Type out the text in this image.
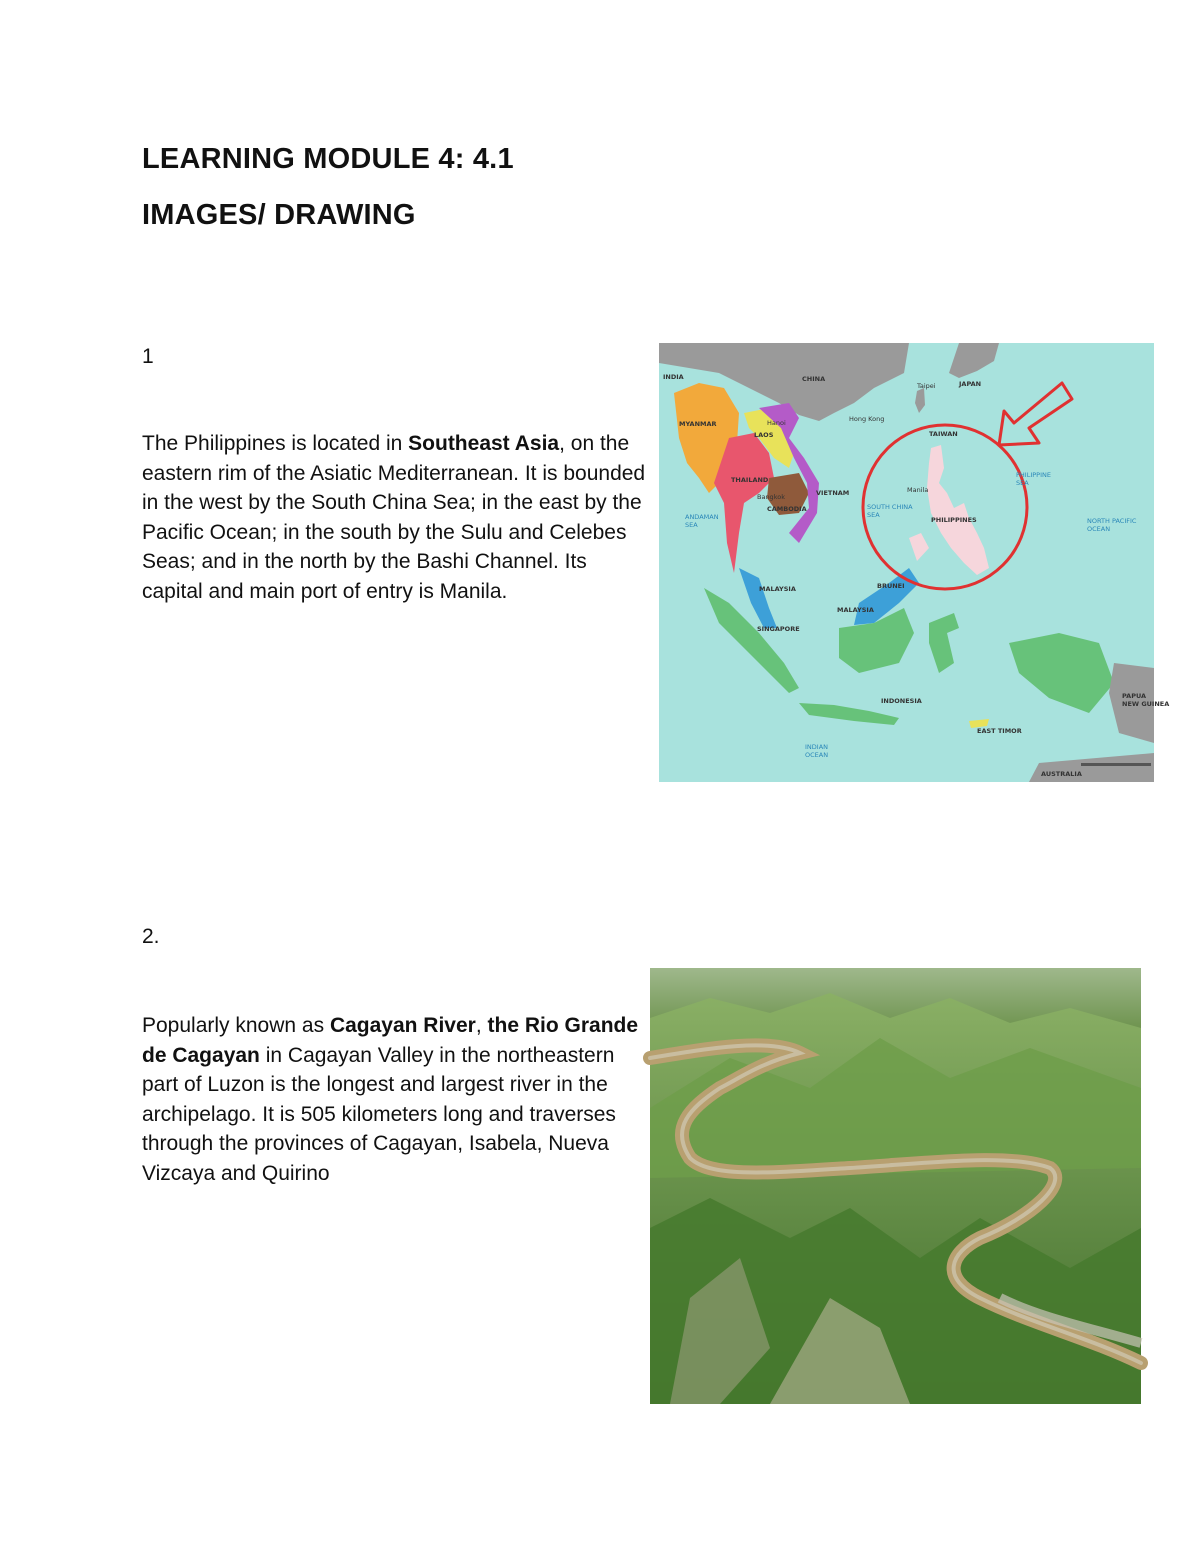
LEARNING MODULE 4: 4.1
IMAGES/ DRAWING
1
The Philippines is located in Southeast Asia, on the eastern rim of the Asiatic Mediterranean. It is bounded in the west by the South China Sea; in the east by the Pacific Ocean; in the south by the Sulu and Celebes Seas; and in the north by the Bashi Channel. Its capital and main port of entry is Manila.
INDIA	CHINA
MYANMAR
LAOS
THAILAND
CAMBODIA
VIETNAM
PHILIPPINES
MALAYSIA
MALAYSIA
BRUNEI
SINGAPORE
INDONESIA
EAST TIMOR
AUSTRALIA
TAIWAN
JAPAN
PAPUA
NEW GUINEA
Hong Kong
Taipei
Hanoi
Bangkok
Manila
PHILIPPINE
SEA
SOUTH CHINA
SEA
ANDAMAN
SEA	NORTH PACIFIC
OCEAN
INDIAN
OCEAN
2.
Popularly known as Cagayan River, the Rio Grande de Cagayan in Cagayan Valley in the northeastern part of Luzon is the longest and largest river in the archipelago. It is 505 kilometers long and traverses through the provinces of Cagayan, Isabela, Nueva Vizcaya and Quirino
